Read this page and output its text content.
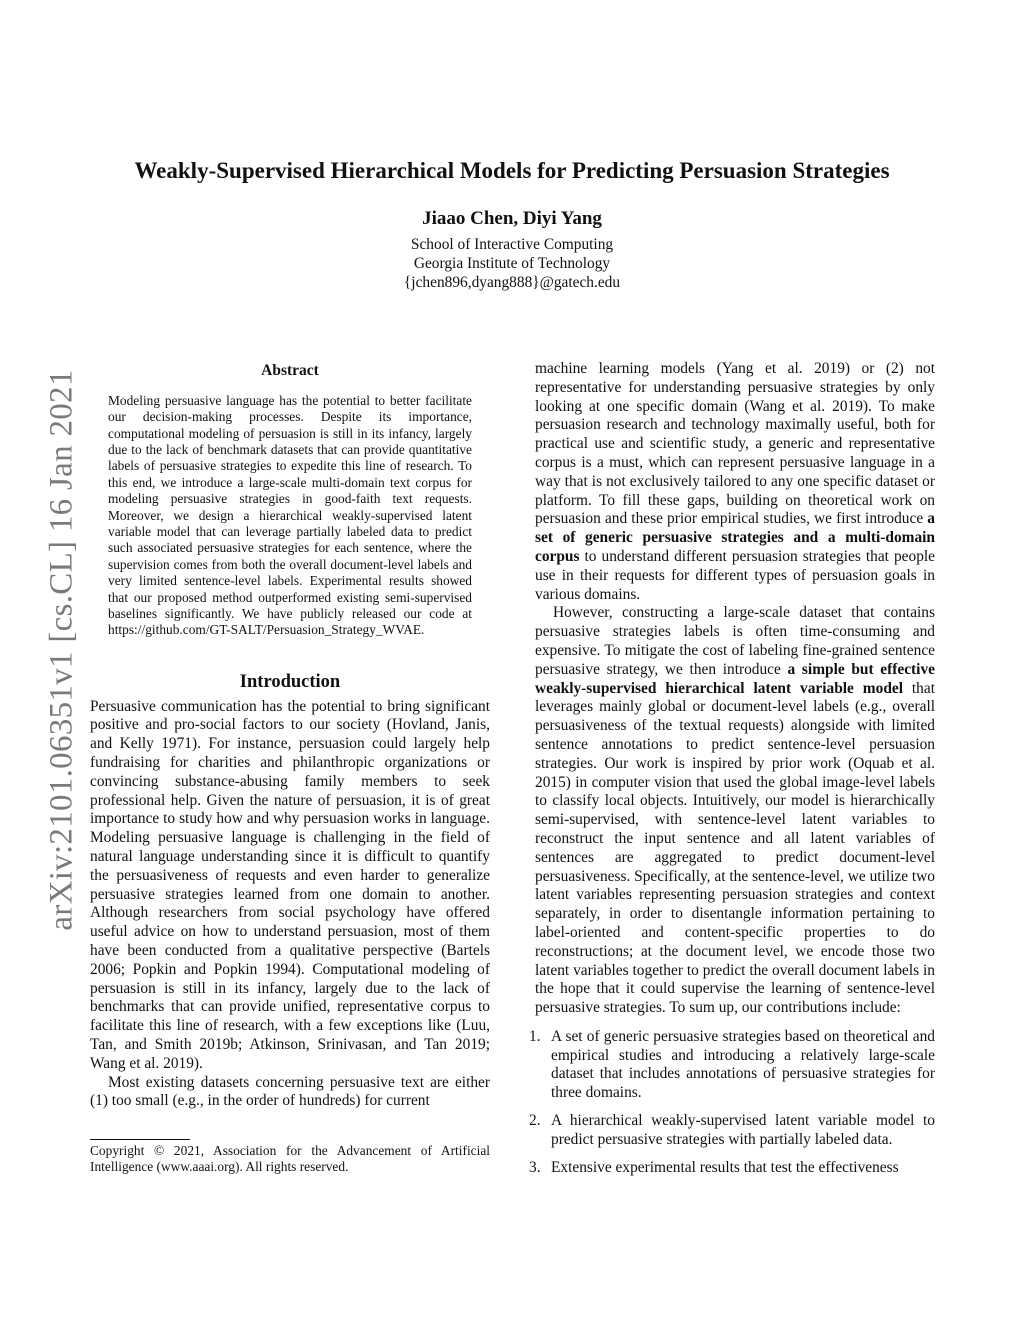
arXiv:2101.06351v1 [cs.CL] 16 Jan 2021
Weakly-Supervised Hierarchical Models for Predicting Persuasion Strategies
Jiaao Chen, Diyi Yang
School of Interactive Computing
Georgia Institute of Technology
{jchen896,dyang888}@gatech.edu
Abstract

Modeling persuasive language has the potential to better facilitate our decision-making processes. Despite its importance, computational modeling of persuasion is still in its infancy, largely due to the lack of benchmark datasets that can provide quantitative labels of persuasive strategies to expedite this line of research. To this end, we introduce a large-scale multi-domain text corpus for modeling persuasive strategies in good-faith text requests. Moreover, we design a hierarchical weakly-supervised latent variable model that can leverage partially labeled data to predict such associated persuasive strategies for each sentence, where the supervision comes from both the overall document-level labels and very limited sentence-level labels. Experimental results showed that our proposed method outperformed existing semi-supervised baselines significantly. We have publicly released our code at https://github.com/GT-SALT/Persuasion_Strategy_WVAE.

Introduction

Persuasive communication has the potential to bring significant positive and pro-social factors to our society (Hovland, Janis, and Kelly 1971). For instance, persuasion could largely help fundraising for charities and philanthropic organizations or convincing substance-abusing family members to seek professional help. Given the nature of persuasion, it is of great importance to study how and why persuasion works in language. Modeling persuasive language is challenging in the field of natural language understanding since it is difficult to quantify the persuasiveness of requests and even harder to generalize persuasive strategies learned from one domain to another. Although researchers from social psychology have offered useful advice on how to understand persuasion, most of them have been conducted from a qualitative perspective (Bartels 2006; Popkin and Popkin 1994). Computational modeling of persuasion is still in its infancy, largely due to the lack of benchmarks that can provide unified, representative corpus to facilitate this line of research, with a few exceptions like (Luu, Tan, and Smith 2019b; Atkinson, Srinivasan, and Tan 2019; Wang et al. 2019).

Most existing datasets concerning persuasive text are either (1) too small (e.g., in the order of hundreds) for current

machine learning models (Yang et al. 2019) or (2) not representative for understanding persuasive strategies by only looking at one specific domain (Wang et al. 2019). To make persuasion research and technology maximally useful, both for practical use and scientific study, a generic and representative corpus is a must, which can represent persuasive language in a way that is not exclusively tailored to any one specific dataset or platform. To fill these gaps, building on theoretical work on persuasion and these prior empirical studies, we first introduce a set of generic persuasive strategies and a multi-domain corpus to understand different persuasion strategies that people use in their requests for different types of persuasion goals in various domains.

However, constructing a large-scale dataset that contains persuasive strategies labels is often time-consuming and expensive. To mitigate the cost of labeling fine-grained sentence persuasive strategy, we then introduce a simple but effective weakly-supervised hierarchical latent variable model that leverages mainly global or document-level labels (e.g., overall persuasiveness of the textual requests) alongside with limited sentence annotations to predict sentence-level persuasion strategies. Our work is inspired by prior work (Oquab et al. 2015) in computer vision that used the global image-level labels to classify local objects. Intuitively, our model is hierarchically semi-supervised, with sentence-level latent variables to reconstruct the input sentence and all latent variables of sentences are aggregated to predict document-level persuasiveness. Specifically, at the sentence-level, we utilize two latent variables representing persuasion strategies and context separately, in order to disentangle information pertaining to label-oriented and content-specific properties to do reconstructions; at the document level, we encode those two latent variables together to predict the overall document labels in the hope that it could supervise the learning of sentence-level persuasive strategies. To sum up, our contributions include:

1. A set of generic persuasive strategies based on theoretical and empirical studies and introducing a relatively large-scale dataset that includes annotations of persuasive strategies for three domains.
2. A hierarchical weakly-supervised latent variable model to predict persuasive strategies with partially labeled data.
3. Extensive experimental results that test the effectiveness
Copyright © 2021, Association for the Advancement of Artificial Intelligence (www.aaai.org). All rights reserved.
